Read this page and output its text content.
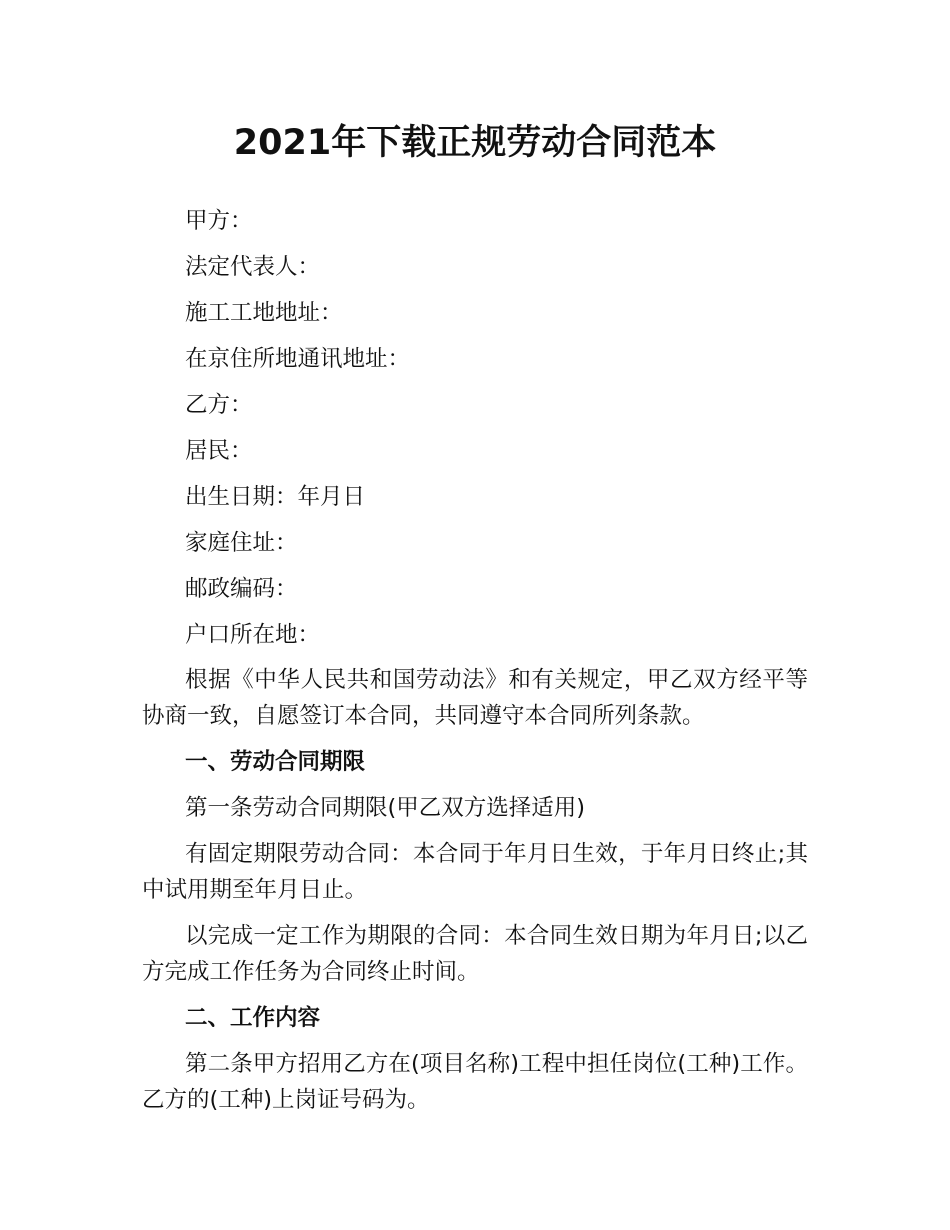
2021年下载正规劳动合同范本

甲方：

法定代表人：

施工工地地址：

在京住所地通讯地址：

乙方：

居民：

出生日期：年月日

家庭住址：

邮政编码：

户口所在地：

根据《中华人民共和国劳动法》和有关规定，甲乙双方经平等协商一致，自愿签订本合同，共同遵守本合同所列条款。

一、劳动合同期限

第一条劳动合同期限(甲乙双方选择适用)

有固定期限劳动合同：本合同于年月日生效，于年月日终止;其中试用期至年月日止。

以完成一定工作为期限的合同：本合同生效日期为年月日;以乙方完成工作任务为合同终止时间。

二、工作内容

第二条甲方招用乙方在(项目名称)工程中担任岗位(工种)工作。乙方的(工种)上岗证号码为。
